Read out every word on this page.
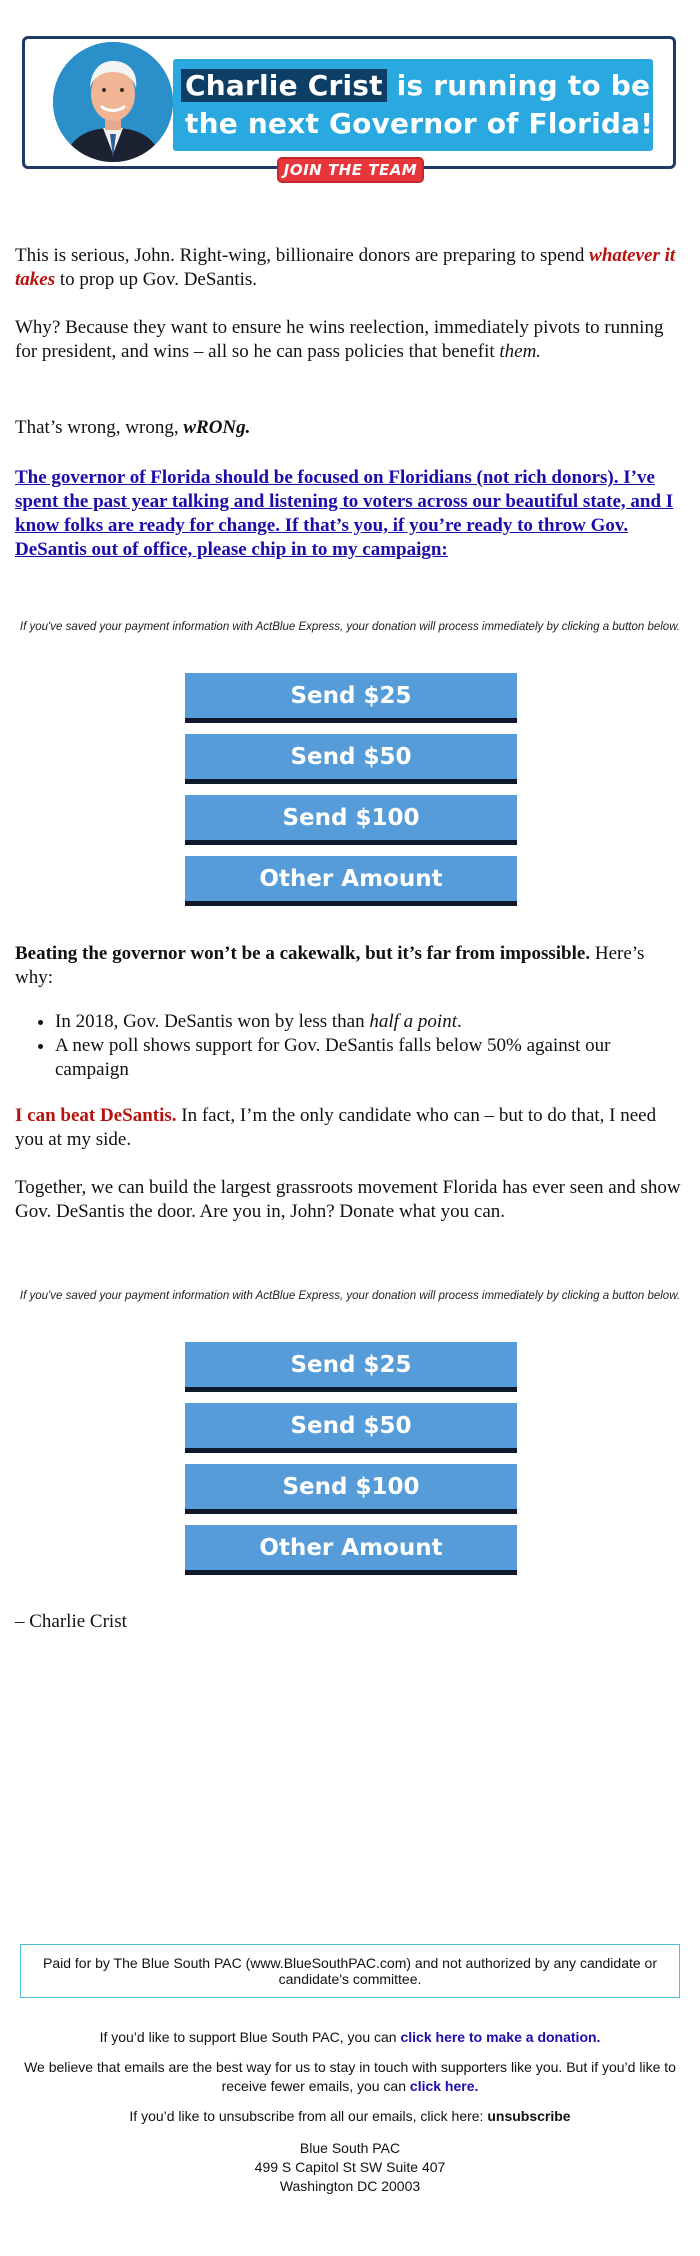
Charlie Crist is running to be
the next Governor of Florida!
JOIN THE TEAM

This is serious, John. Right-wing, billionaire donors are preparing to spend whatever it takes to prop up Gov. DeSantis.

Why? Because they want to ensure he wins reelection, immediately pivots to running for president, and wins – all so he can pass policies that benefit them.

That’s wrong, wrong, wRONg.

The governor of Florida should be focused on Floridians (not rich donors). I’ve spent the past year talking and listening to voters across our beautiful state, and I know folks are ready for change. If that’s you, if you’re ready to throw Gov. DeSantis out of office, please chip in to my campaign:

If you've saved your payment information with ActBlue Express, your donation will process immediately by clicking a button below.
Send $25
Send $50
Send $100
Other Amount

Beating the governor won’t be a cakewalk, but it’s far from impossible. Here’s why:

• In 2018, Gov. DeSantis won by less than half a point.
• A new poll shows support for Gov. DeSantis falls below 50% against our campaign

I can beat DeSantis. In fact, I’m the only candidate who can – but to do that, I need you at my side.

Together, we can build the largest grassroots movement Florida has ever seen and show Gov. DeSantis the door. Are you in, John? Donate what you can.

If you've saved your payment information with ActBlue Express, your donation will process immediately by clicking a button below.
Send $25
Send $50
Send $100
Other Amount

– Charlie Crist

Paid for by The Blue South PAC (www.BlueSouthPAC.com) and not authorized by any candidate or candidate's committee.
If you’d like to support Blue South PAC, you can click here to make a donation.
We believe that emails are the best way for us to stay in touch with supporters like you. But if you’d like to receive fewer emails, you can click here.
If you’d like to unsubscribe from all our emails, click here: unsubscribe
Blue South PAC
499 S Capitol St SW Suite 407
Washington DC 20003
